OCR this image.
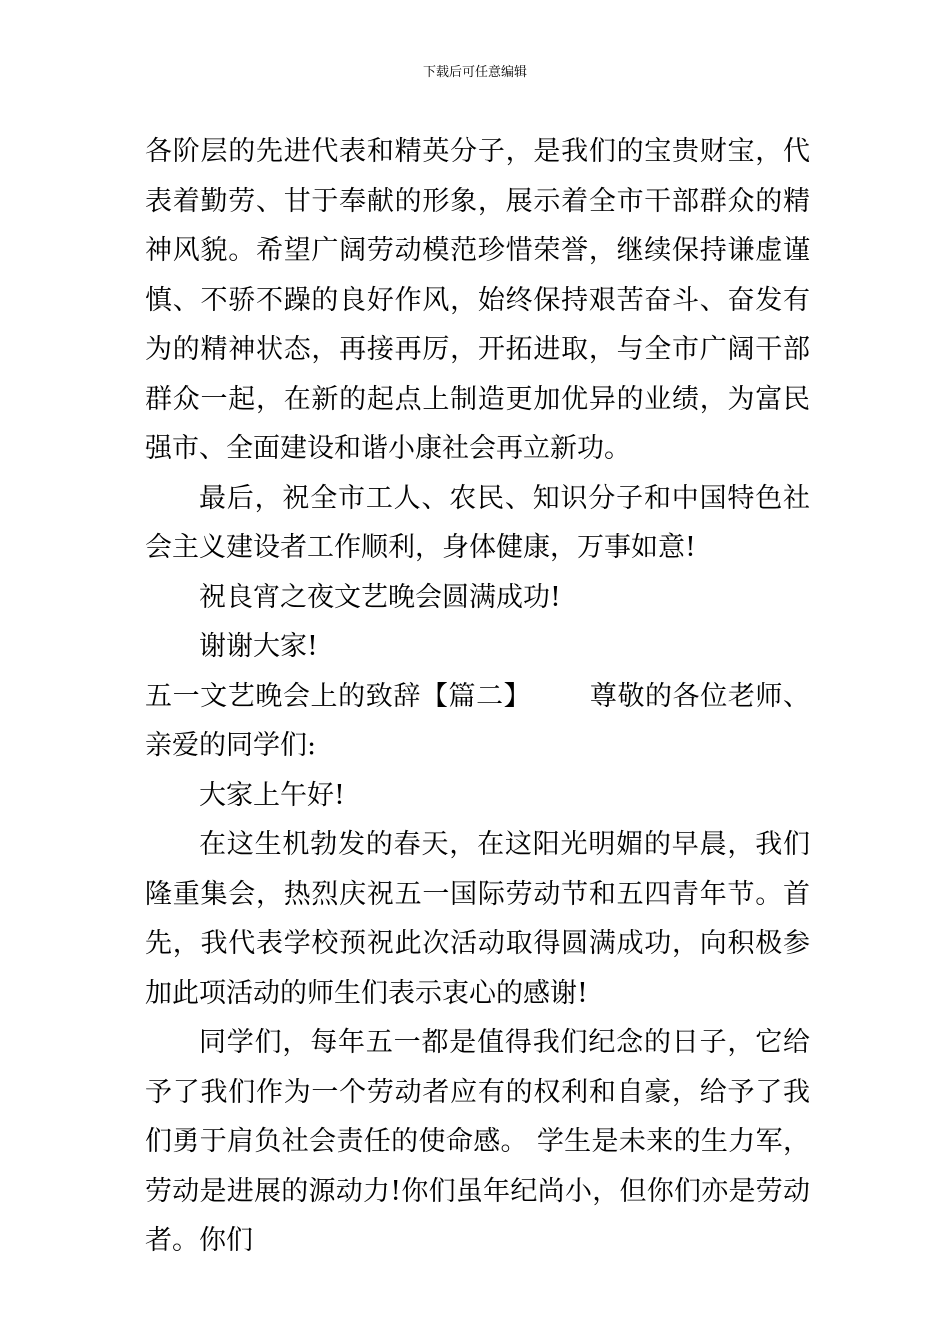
下载后可任意编辑

各阶层的先进代表和精英分子，是我们的宝贵财宝，代表着勤劳、甘于奉献的形象，展示着全市干部群众的精神风貌。希望广阔劳动模范珍惜荣誉，继续保持谦虚谨慎、不骄不躁的良好作风，始终保持艰苦奋斗、奋发有为的精神状态，再接再厉，开拓进取，与全市广阔干部群众一起，在新的起点上制造更加优异的业绩，为富民强市、全面建设和谐小康社会再立新功。

最后，祝全市工人、农民、知识分子和中国特色社会主义建设者工作顺利，身体健康，万事如意!

祝良宵之夜文艺晚会圆满成功!

谢谢大家!

五一文艺晚会上的致辞【篇二】 尊敬的各位老师、亲爱的同学们:

大家上午好!

在这生机勃发的春天，在这阳光明媚的早晨，我们隆重集会，热烈庆祝五一国际劳动节和五四青年节。首先，我代表学校预祝此次活动取得圆满成功，向积极参加此项活动的师生们表示衷心的感谢!

同学们，每年五一都是值得我们纪念的日子，它给予了我们作为一个劳动者应有的权利和自豪，给予了我们勇于肩负社会责任的使命感。 学生是未来的生力军，劳动是进展的源动力!你们虽年纪尚小，但你们亦是劳动者。你们
